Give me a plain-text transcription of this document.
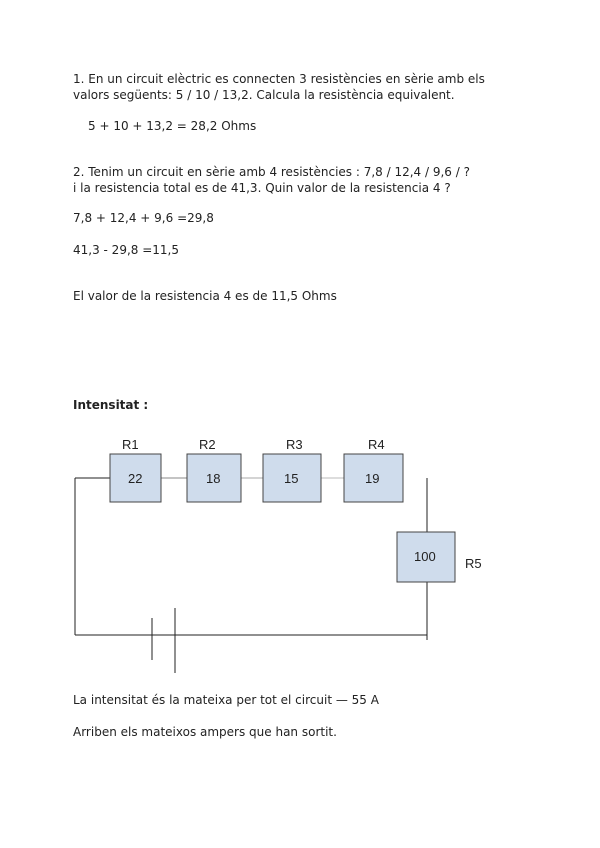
1. En un circuit elèctric es connecten 3 resistències en sèrie amb els
valors següents: 5 / 10 / 13,2. Calcula la resistència equivalent.
5 + 10 + 13,2 = 28,2 Ohms
2. Tenim un circuit en sèrie amb 4 resistències : 7,8 / 12,4 / 9,6 / ?
i la resistencia total es de 41,3. Quin valor de la resistencia 4 ?
7,8 + 12,4 + 9,6 =29,8
41,3 - 29,8 =11,5
El valor de la resistencia 4 es de 11,5 Ohms
Intensitat :
R1
22
R2
18
R3
15
R4
19
100 R5
La intensitat és la mateixa per tot el circuit — 55 A
Arriben els mateixos ampers que han sortit.
